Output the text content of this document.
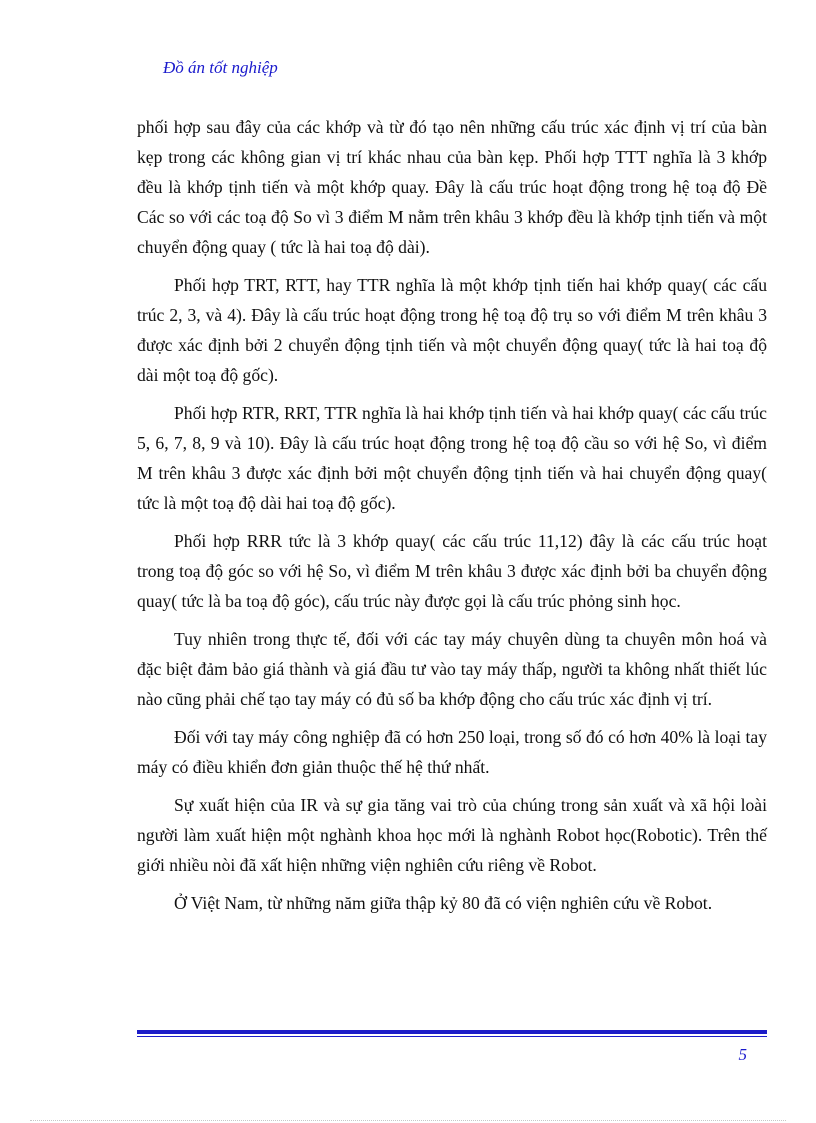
Đồ án tốt nghiệp

phối hợp sau đây của các khớp và từ đó tạo nên những cấu trúc xác định vị trí của bàn kẹp trong các không gian vị trí khác nhau của bàn kẹp. Phối hợp TTT nghĩa là 3 khớp đều là khớp tịnh tiến và một khớp quay. Đây là cấu trúc hoạt động trong hệ toạ độ Đề Các so với các toạ độ So vì 3 điểm M nằm trên khâu 3 khớp đều là khớp tịnh tiến và một chuyển động quay ( tức là hai toạ độ dài).

Phối hợp TRT, RTT, hay TTR nghĩa là một khớp tịnh tiến hai khớp quay( các cấu trúc 2, 3, và 4). Đây là cấu trúc hoạt động trong hệ toạ độ trụ so với điểm M trên khâu 3 được xác định bởi 2 chuyển động tịnh tiến và một chuyển động quay( tức là hai toạ độ dài một toạ độ gốc).

Phối hợp RTR, RRT, TTR nghĩa là hai khớp tịnh tiến và hai khớp quay( các cấu trúc 5, 6, 7, 8, 9 và 10). Đây là cấu trúc hoạt động trong hệ toạ độ cầu so với hệ So, vì điểm M trên khâu 3 được xác định bởi một chuyển động tịnh tiến và hai chuyển động quay( tức là một toạ độ dài hai toạ độ gốc).

Phối hợp RRR tức là 3 khớp quay( các cấu trúc 11,12) đây là các cấu trúc hoạt trong toạ độ góc so với hệ So, vì điểm M trên khâu 3 được xác định bởi ba chuyển động quay( tức là ba toạ độ góc), cấu trúc này được gọi là cấu trúc phỏng sinh học.

Tuy nhiên trong thực tế, đối với các tay máy chuyên dùng ta chuyên môn hoá và đặc biệt đảm bảo giá thành và giá đầu tư vào tay máy thấp, người ta không nhất thiết lúc nào cũng phải chế tạo tay máy có đủ số ba khớp động cho cấu trúc xác định vị trí.

Đối với tay máy công nghiệp đã có hơn 250 loại, trong số đó có hơn 40% là loại tay máy có điều khiển đơn giản thuộc thế hệ thứ nhất.

Sự xuất hiện của IR và sự gia tăng vai trò của chúng trong sản xuất và xã hội loài người làm xuất hiện một nghành khoa học mới là nghành Robot học(Robotic). Trên thế giới nhiều nòi đã xất hiện những viện nghiên cứu riêng về Robot.

Ở Việt Nam, từ những năm giữa thập kỷ 80 đã có viện nghiên cứu về Robot.

5
